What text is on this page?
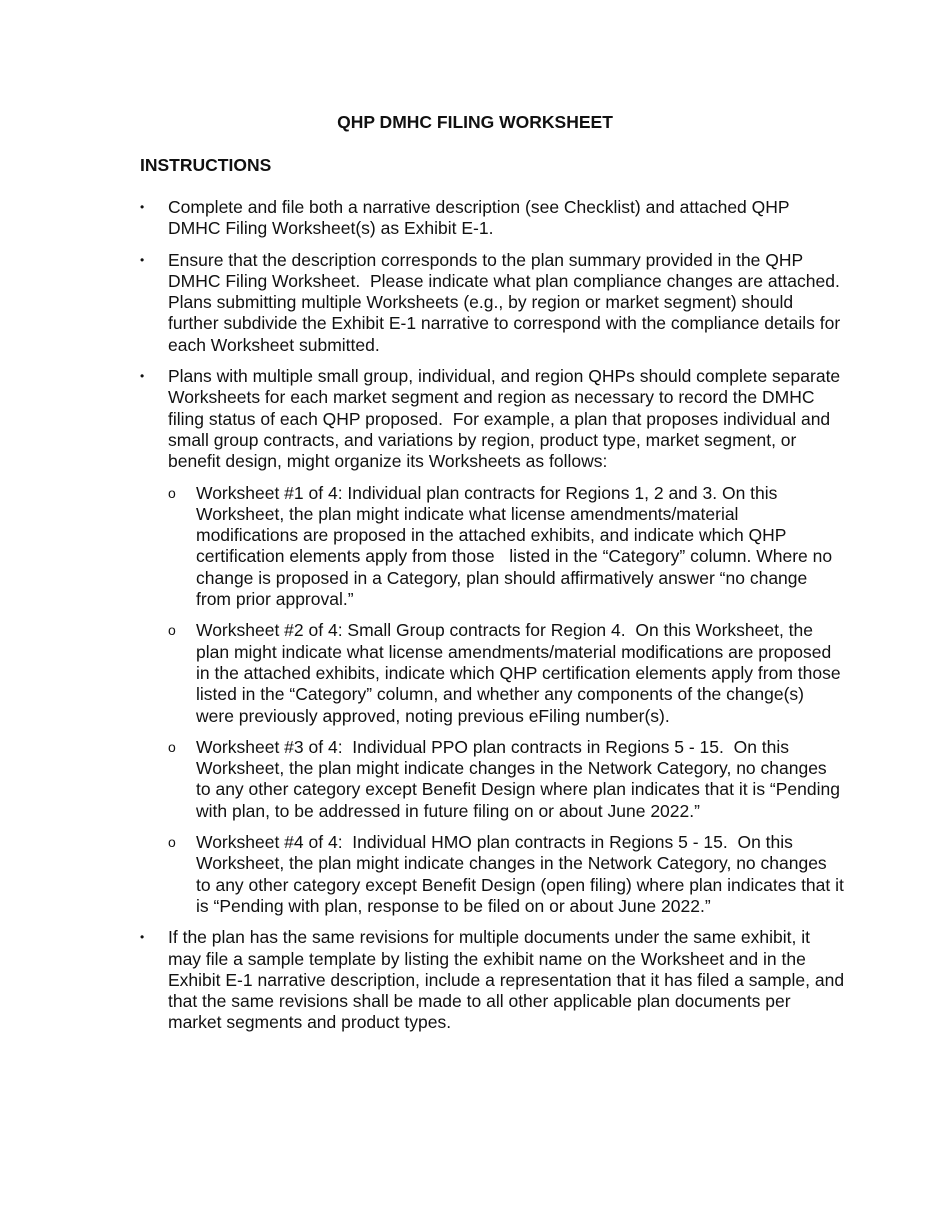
QHP DMHC FILING WORKSHEET
INSTRUCTIONS
•	Complete and file both a narrative description (see Checklist) and attached QHP DMHC Filing Worksheet(s) as Exhibit E-1.
•	Ensure that the description corresponds to the plan summary provided in the QHP DMHC Filing Worksheet.  Please indicate what plan compliance changes are attached.  Plans submitting multiple Worksheets (e.g., by region or market segment) should further subdivide the Exhibit E-1 narrative to correspond with the compliance details for each Worksheet submitted.
•	Plans with multiple small group, individual, and region QHPs should complete separate Worksheets for each market segment and region as necessary to record the DMHC filing status of each QHP proposed.  For example, a plan that proposes individual and small group contracts, and variations by region, product type, market segment, or benefit design, might organize its Worksheets as follows:
o Worksheet #1 of 4: Individual plan contracts for Regions 1, 2 and 3. On this Worksheet, the plan might indicate what license amendments/material modifications are proposed in the attached exhibits, and indicate which QHP certification elements apply from those   listed in the “Category” column. Where no change is proposed in a Category, plan should affirmatively answer “no change from prior approval.”
o Worksheet #2 of 4: Small Group contracts for Region 4.  On this Worksheet, the plan might indicate what license amendments/material modifications are proposed in the attached exhibits, indicate which QHP certification elements apply from those listed in the “Category” column, and whether any components of the change(s) were previously approved, noting previous eFiling number(s).
o Worksheet #3 of 4:  Individual PPO plan contracts in Regions 5 - 15.  On this Worksheet, the plan might indicate changes in the Network Category, no changes to any other category except Benefit Design where plan indicates that it is “Pending with plan, to be addressed in future filing on or about June 2022.”
o Worksheet #4 of 4:  Individual HMO plan contracts in Regions 5 - 15.  On this Worksheet, the plan might indicate changes in the Network Category, no changes to any other category except Benefit Design (open filing) where plan indicates that it is “Pending with plan, response to be filed on or about June 2022.”
•	If the plan has the same revisions for multiple documents under the same exhibit, it may file a sample template by listing the exhibit name on the Worksheet and in the Exhibit E-1 narrative description, include a representation that it has filed a sample, and that the same revisions shall be made to all other applicable plan documents per market segments and product types.
